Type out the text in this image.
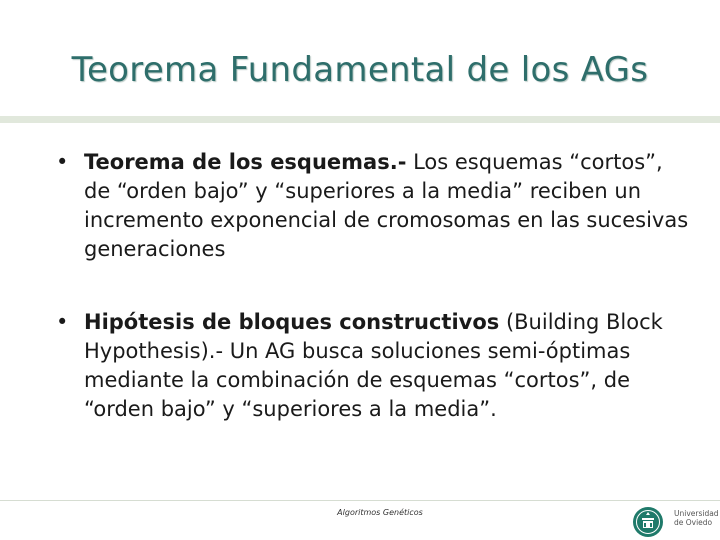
Teorema Fundamental de los AGs
• Teorema de los esquemas.- Los esquemas “cortos”, de “orden bajo” y “superiores a la media” reciben un incremento exponencial de cromosomas en las sucesivas generaciones
• Hipótesis de bloques constructivos (Building Block Hypothesis).- Un AG busca soluciones semi-óptimas mediante la combinación de esquemas “cortos”, de “orden bajo” y “superiores a la media”.
Algoritmos Genéticos	Universidad
de Oviedo
